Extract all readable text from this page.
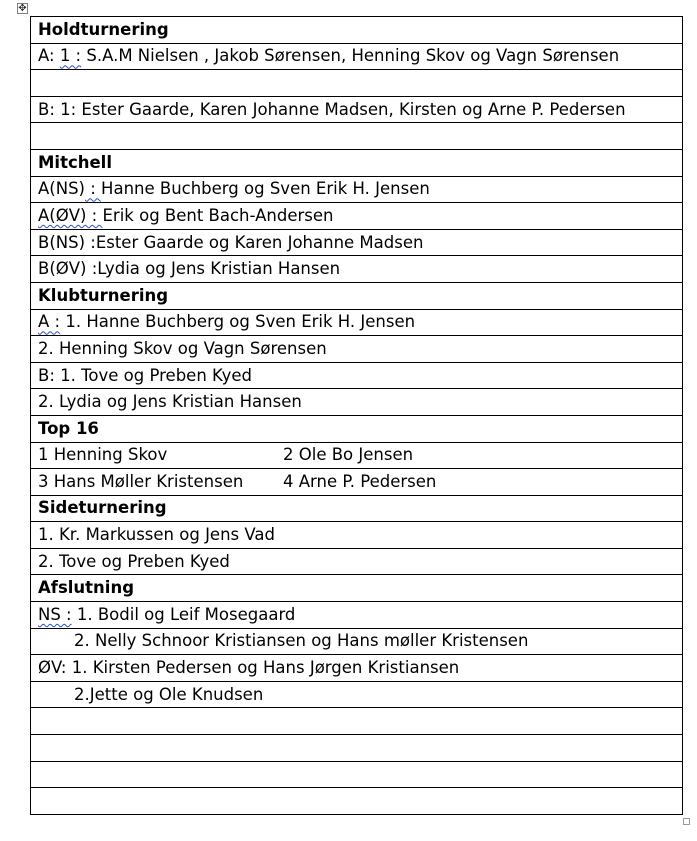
✥
Holdturnering
A: 1 : S.A.M Nielsen , Jakob Sørensen, Henning Skov og Vagn Sørensen

B: 1: Ester Gaarde, Karen Johanne Madsen, Kirsten og Arne P. Pedersen

Mitchell
A(NS) : Hanne Buchberg og Sven Erik H. Jensen
A(ØV) : Erik og Bent Bach-Andersen
B(NS) :Ester Gaarde og Karen Johanne Madsen
B(ØV) :Lydia og Jens Kristian Hansen
Klubturnering
A : 1. Hanne Buchberg og Sven Erik H. Jensen
2. Henning Skov og Vagn Sørensen
B: 1. Tove og Preben Kyed
2. Lydia og Jens Kristian Hansen
Top 16
1 Henning Skov	2 Ole Bo Jensen
3 Hans Møller Kristensen 4 Arne P. Pedersen
Sideturnering
1. Kr. Markussen og Jens Vad
2. Tove og Preben Kyed
Afslutning
NS : 1. Bodil og Leif Mosegaard
2. Nelly Schnoor Kristiansen og Hans møller Kristensen
ØV: 1. Kirsten Pedersen og Hans Jørgen Kristiansen
2.Jette og Ole Knudsen
